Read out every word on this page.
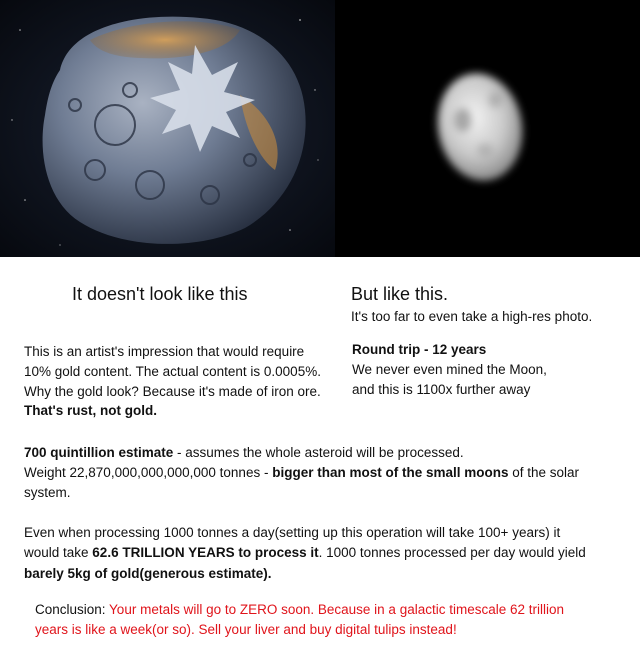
It doesn't look like this	But like this.
It's too far to even take a high-res photo.
This is an artist's impression that would require
10% gold content. The actual content is 0.0005%.
Why the gold look? Because it's made of iron ore.
That's rust, not gold.
Round trip - 12 years
We never even mined the Moon,
and this is 1100x further away
700 quintillion estimate - assumes the whole asteroid will be processed.
Weight 22,870,000,000,000,000 tonnes - bigger than most of the small moons of the solar
system.
Even when processing 1000 tonnes a day(setting up this operation will take 100+ years) it
would take 62.6 TRILLION YEARS to process it. 1000 tonnes processed per day would yield
barely 5kg of gold(generous estimate).
Conclusion: Your metals will go to ZERO soon. Because in a galactic timescale 62 trillion
years is like a week(or so). Sell your liver and buy digital tulips instead!
